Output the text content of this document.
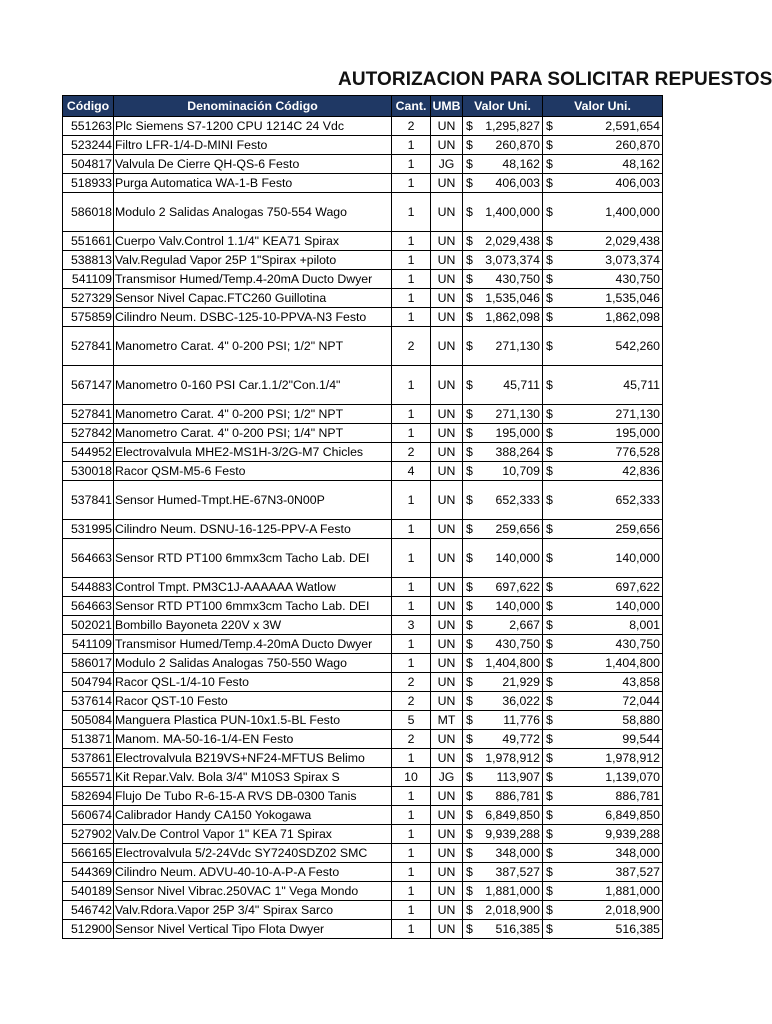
AUTORIZACION PARA SOLICITAR REPUESTOS
Código	Denominación Código	Cant.	UMB	Valor Uni.	Valor Uni.
551263	Plc Siemens S7-1200 CPU 1214C 24 Vdc	2	UN	$ 1,295,827	$ 2,591,654

523244	Filtro LFR-1/4-D-MINI Festo	1	UN	$ 260,870	$ 260,870

504817	Valvula De Cierre QH-QS-6 Festo	1	JG	$ 48,162	$ 48,162

518933	Purga Automatica WA-1-B Festo	1	UN	$ 406,003	$ 406,003

586018	Modulo 2 Salidas Analogas 750-554 Wago	1	UN	$ 1,400,000	$ 1,400,000

551661	Cuerpo Valv.Control 1.1/4" KEA71 Spirax	1	UN	$ 2,029,438	$ 2,029,438

538813	Valv.Regulad Vapor 25P 1"Spirax +piloto	1	UN	$ 3,073,374	$ 3,073,374

541109	Transmisor Humed/Temp.4-20mA Ducto Dwyer	1	UN	$ 430,750	$ 430,750

527329	Sensor Nivel Capac.FTC260 Guillotina	1	UN	$ 1,535,046	$ 1,535,046

575859	Cilindro Neum. DSBC-125-10-PPVA-N3 Festo	1	UN	$ 1,862,098	$ 1,862,098

527841	Manometro Carat. 4" 0-200 PSI; 1/2" NPT	2	UN	$ 271,130	$ 542,260

567147	Manometro 0-160 PSI Car.1.1/2"Con.1/4"	1	UN	$ 45,711	$ 45,711

527841	Manometro Carat. 4" 0-200 PSI; 1/2" NPT	1	UN	$ 271,130	$ 271,130

527842	Manometro Carat. 4" 0-200 PSI; 1/4" NPT	1	UN	$ 195,000	$ 195,000

544952	Electrovalvula MHE2-MS1H-3/2G-M7 Chicles	2	UN	$ 388,264	$ 776,528

530018	Racor QSM-M5-6 Festo	4	UN	$ 10,709	$ 42,836

537841	Sensor Humed-Tmpt.HE-67N3-0N00P	1	UN	$ 652,333	$ 652,333

531995	Cilindro Neum. DSNU-16-125-PPV-A Festo	1	UN	$ 259,656	$ 259,656

564663	Sensor RTD PT100 6mmx3cm Tacho Lab. DEI	1	UN	$ 140,000	$ 140,000

544883	Control Tmpt. PM3C1J-AAAAAA Watlow	1	UN	$ 697,622	$ 697,622

564663	Sensor RTD PT100 6mmx3cm Tacho Lab. DEI	1	UN	$ 140,000	$ 140,000

502021	Bombillo Bayoneta 220V x 3W	3	UN	$ 2,667	$ 8,001

541109	Transmisor Humed/Temp.4-20mA Ducto Dwyer	1	UN	$ 430,750	$ 430,750

586017	Modulo 2 Salidas Analogas 750-550 Wago	1	UN	$ 1,404,800	$ 1,404,800

504794	Racor QSL-1/4-10 Festo	2	UN	$ 21,929	$ 43,858

537614	Racor QST-10 Festo	2	UN	$ 36,022	$ 72,044

505084	Manguera Plastica PUN-10x1.5-BL Festo	5	MT	$ 11,776	$ 58,880

513871	Manom. MA-50-16-1/4-EN Festo	2	UN	$ 49,772	$ 99,544

537861	Electrovalvula B219VS+NF24-MFTUS Belimo	1	UN	$ 1,978,912	$ 1,978,912

565571	Kit Repar.Valv. Bola 3/4" M10S3 Spirax S	10	JG	$ 113,907	$ 1,139,070

582694	Flujo De Tubo R-6-15-A RVS DB-0300 Tanis	1	UN	$ 886,781	$ 886,781

560674	Calibrador Handy CA150 Yokogawa	1	UN	$ 6,849,850	$ 6,849,850

527902	Valv.De Control Vapor 1" KEA 71 Spirax	1	UN	$ 9,939,288	$ 9,939,288

566165	Electrovalvula 5/2-24Vdc SY7240SDZ02 SMC	1	UN	$ 348,000	$ 348,000

544369	Cilindro Neum. ADVU-40-10-A-P-A Festo	1	UN	$ 387,527	$ 387,527

540189	Sensor Nivel Vibrac.250VAC 1" Vega Mondo	1	UN	$ 1,881,000	$ 1,881,000

546742	Valv.Rdora.Vapor 25P 3/4" Spirax Sarco	1	UN	$ 2,018,900	$ 2,018,900

512900	Sensor Nivel Vertical Tipo Flota Dwyer	1	UN	$ 516,385	$ 516,385
